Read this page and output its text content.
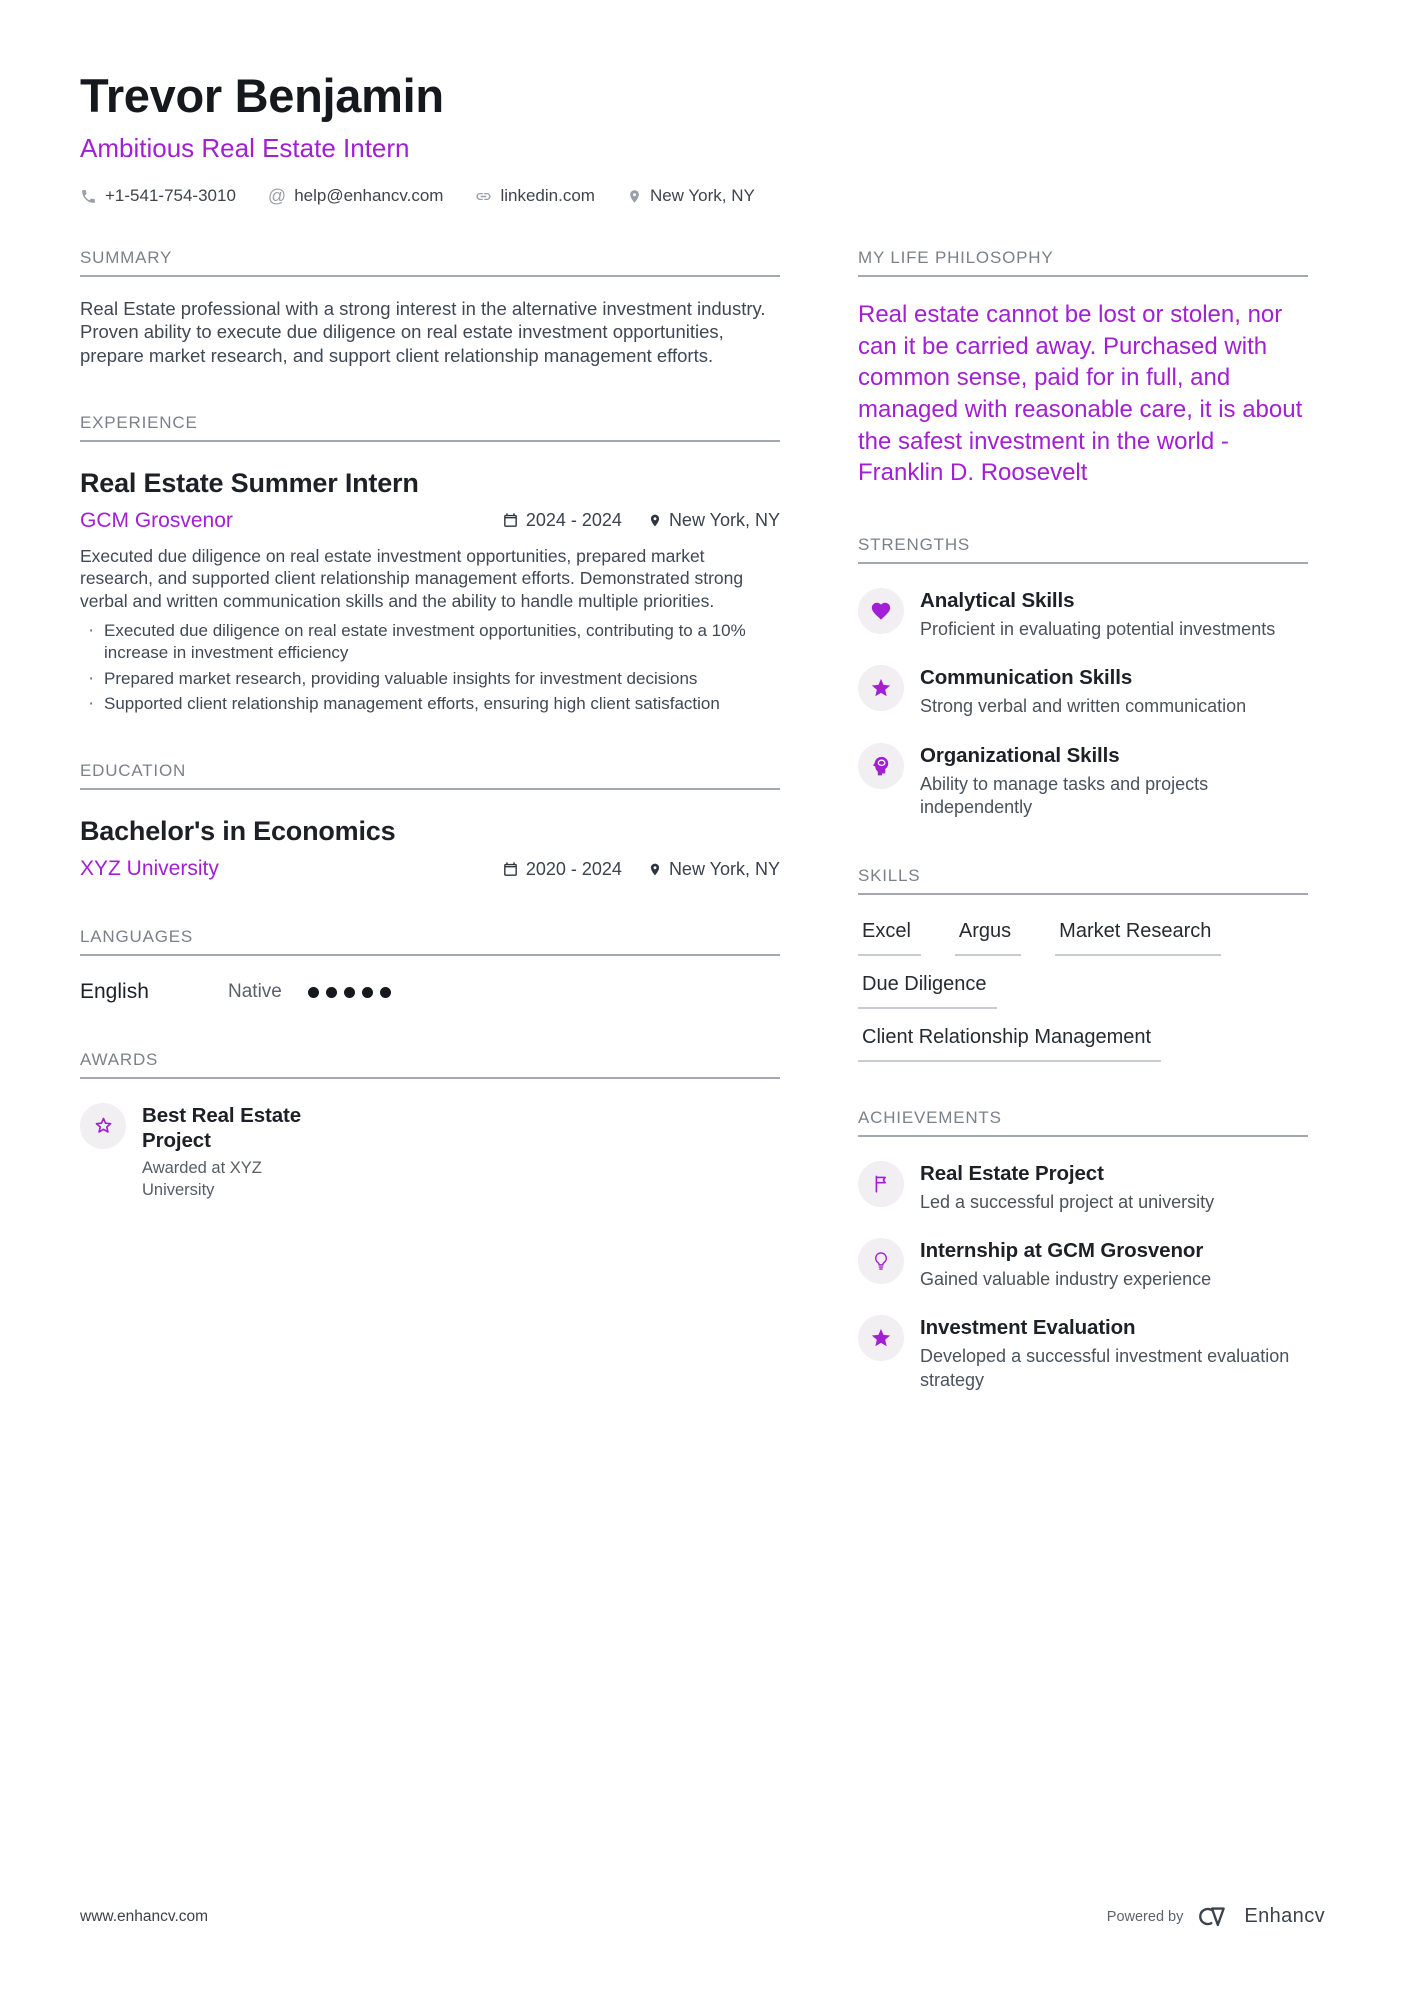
Trevor Benjamin
Ambitious Real Estate Intern
+1-541-754-3010 @ help@enhancv.com	linkedin.com	New York, NY
SUMMARY

Real Estate professional with a strong interest in the alternative investment industry. Proven ability to execute due diligence on real estate investment opportunities, prepare market research, and support client relationship management efforts.

EXPERIENCE
Real Estate Summer Intern
GCM Grosvenor	2024 - 2024	New York, NY

Executed due diligence on real estate investment opportunities, prepared market research, and supported client relationship management efforts. Demonstrated strong verbal and written communication skills and the ability to handle multiple priorities.

· Executed due diligence on real estate investment opportunities, contributing to a 10% increase in investment efficiency
· Prepared market research, providing valuable insights for investment decisions
· Supported client relationship management efforts, ensuring high client satisfaction
EDUCATION
Bachelor's in Economics
XYZ University	2020 - 2024	New York, NY
LANGUAGES
English	Native
AWARDS
Best Real Estate Project
Awarded at XYZ University
MY LIFE PHILOSOPHY

Real estate cannot be lost or stolen, nor can it be carried away. Purchased with common sense, paid for in full, and managed with reasonable care, it is about the safest investment in the world - Franklin D. Roosevelt

STRENGTHS
Analytical Skills
Proficient in evaluating potential investments
Communication Skills
Strong verbal and written communication
Organizational Skills
Ability to manage tasks and projects independently
SKILLS
Excel	Argus	Market Research
Due Diligence
Client Relationship Management
ACHIEVEMENTS
Real Estate Project
Led a successful project at university
Internship at GCM Grosvenor
Gained valuable industry experience
Investment Evaluation
Developed a successful investment evaluation strategy
www.enhancv.com	Powered by	Enhancv
